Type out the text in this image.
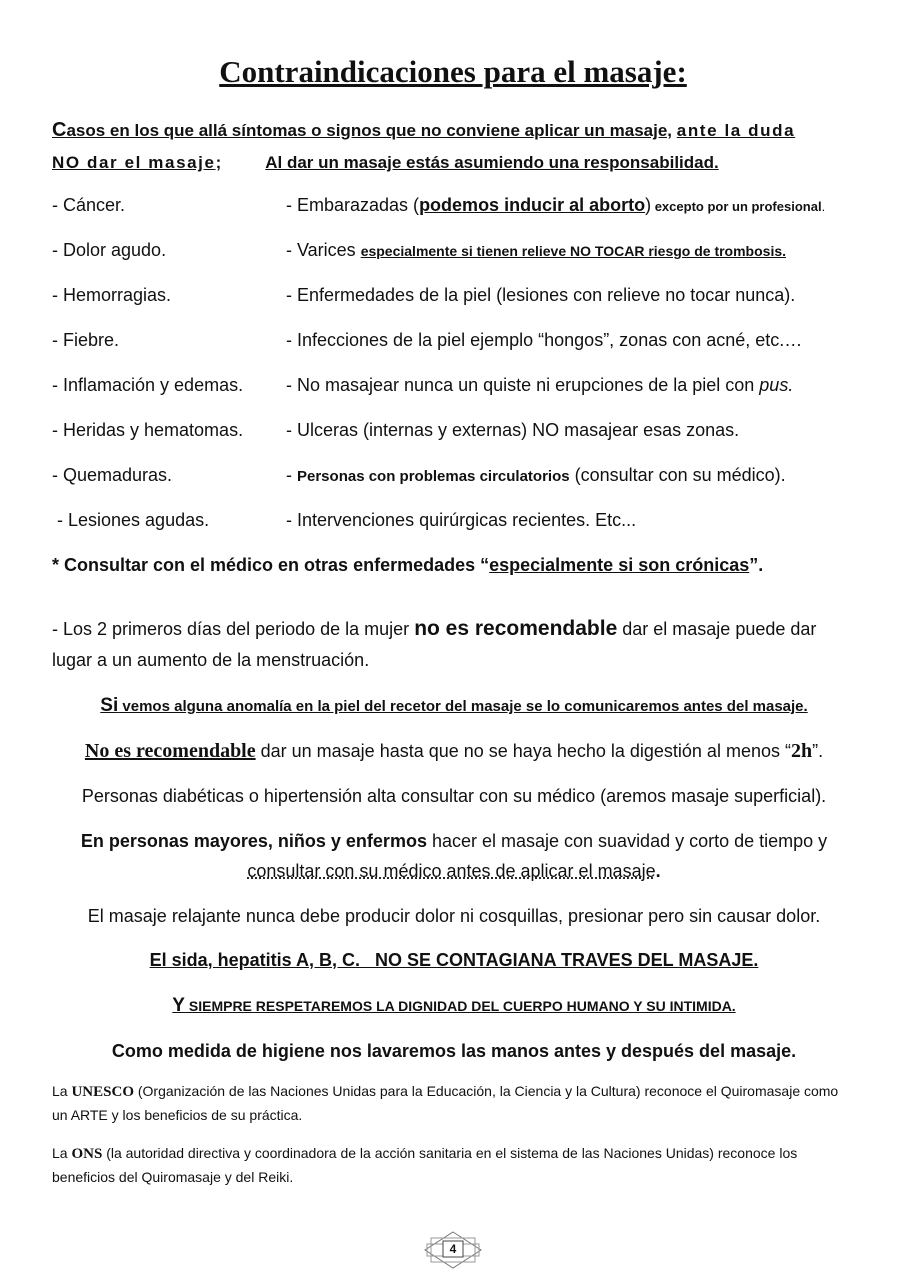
Contraindicaciones para el masaje:
Casos en los que allá síntomas o signos que no conviene aplicar un masaje, ante la duda
NO dar el masaje;	Al dar un masaje estás asumiendo una responsabilidad.
- Cáncer.	- Embarazadas (podemos inducir al aborto) excepto por un profesional.
- Dolor agudo.	- Varices especialmente si tienen relieve NO TOCAR riesgo de trombosis.
- Hemorragias.	- Enfermedades de la piel (lesiones con relieve no tocar nunca).
- Fiebre.	- Infecciones de la piel ejemplo “hongos”, zonas con acné, etc.…
- Inflamación y edemas. - No masajear nunca un quiste ni erupciones de la piel con pus.
- Heridas y hematomas. - Ulceras (internas y externas) NO masajear esas zonas.
- Quemaduras.	- Personas con problemas circulatorios (consultar con su médico).
- Lesiones agudas.	- Intervenciones quirúrgicas recientes. Etc...
* Consultar con el médico en otras enfermedades “especialmente si son crónicas”.
- Los 2 primeros días del periodo de la mujer no es recomendable dar el masaje puede dar lugar a un aumento de la menstruación.
Si vemos alguna anomalía en la piel del recetor del masaje se lo comunicaremos antes del masaje.
No es recomendable dar un masaje hasta que no se haya hecho la digestión al menos “2h”.
Personas diabéticas o hipertensión alta consultar con su médico (aremos masaje superficial).
En personas mayores, niños y enfermos hacer el masaje con suavidad y corto de tiempo y consultar con su médico antes de aplicar el masaje.
El masaje relajante nunca debe producir dolor ni cosquillas, presionar pero sin causar dolor.
El sida, hepatitis A, B, C.   NO SE CONTAGIANA TRAVES DEL MASAJE.
Y SIEMPRE RESPETAREMOS LA DIGNIDAD DEL CUERPO HUMANO Y SU INTIMIDA.
Como medida de higiene nos lavaremos las manos antes y después del masaje.
La UNESCO (Organización de las Naciones Unidas para la Educación, la Ciencia y la Cultura) reconoce el Quiromasaje como un ARTE y los beneficios de su práctica.
La ONS (la autoridad directiva y coordinadora de la acción sanitaria en el sistema de las Naciones Unidas) reconoce los beneficios del Quiromasaje y del Reiki.
4
